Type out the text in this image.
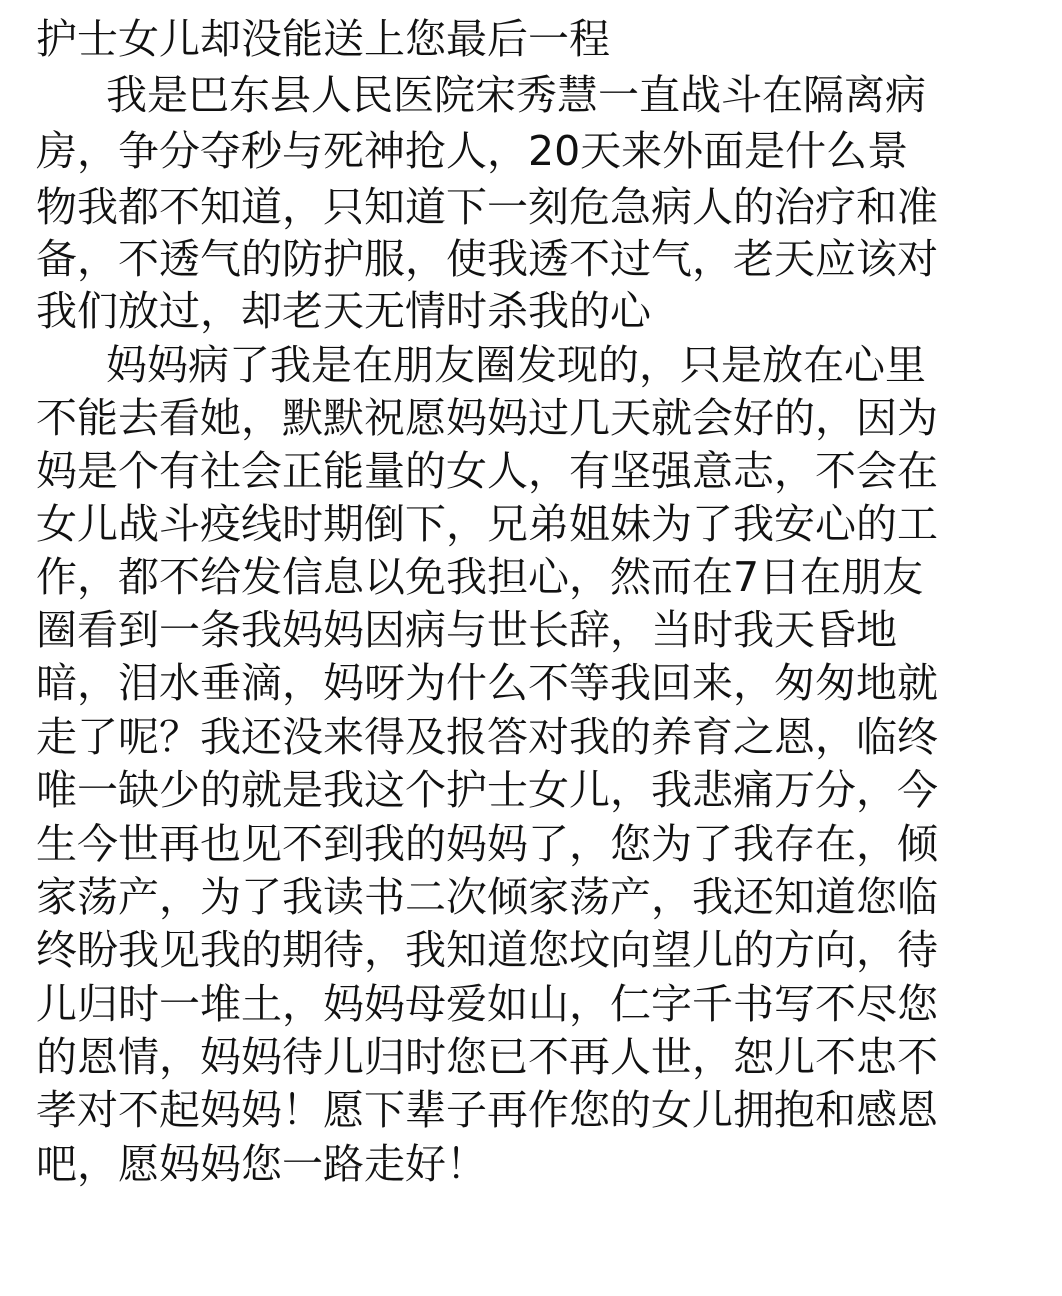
护士女儿却没能送上您最后一程
我是巴东县人民医院宋秀慧一直战斗在隔离病
房，争分夺秒与死神抢人，20天来外面是什么景
物我都不知道，只知道下一刻危急病人的治疗和准
备，不透气的防护服，使我透不过气，老天应该对
我们放过，却老天无情时杀我的心
妈妈病了我是在朋友圈发现的，只是放在心里
不能去看她，默默祝愿妈妈过几天就会好的，因为
妈是个有社会正能量的女人，有坚强意志，不会在
女儿战斗疫线时期倒下，兄弟姐妹为了我安心的工
作，都不给发信息以免我担心，然而在7日在朋友
圈看到一条我妈妈因病与世长辞，当时我天昏地
暗，泪水垂滴，妈呀为什么不等我回来，匆匆地就
走了呢？我还没来得及报答对我的养育之恩，临终
唯一缺少的就是我这个护士女儿，我悲痛万分，今
生今世再也见不到我的妈妈了，您为了我存在，倾
家荡产，为了我读书二次倾家荡产，我还知道您临
终盼我见我的期待，我知道您坟向望儿的方向，待
儿归时一堆土，妈妈母爱如山，仁字千书写不尽您
的恩情，妈妈待儿归时您已不再人世，恕儿不忠不
孝对不起妈妈！愿下辈子再作您的女儿拥抱和感恩
吧，愿妈妈您一路走好！
